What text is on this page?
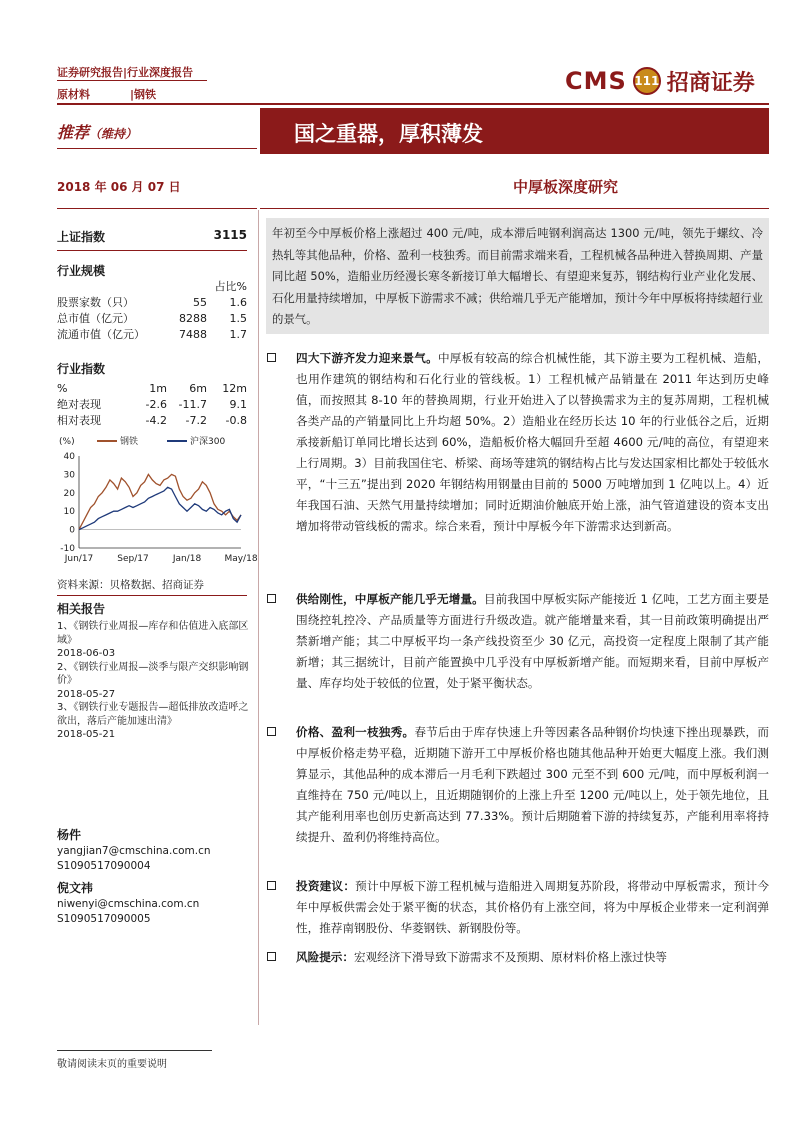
证券研究报告|行业深度报告
原材料	|钢铁	CMS 111 招商证券
推荐（维持）	国之重器，厚积薄发
2018 年 06 月 07 日	中厚板深度研究
年初至今中厚板价格上涨超过 400 元/吨，成本滞后吨钢利润高达 1300 元/吨，领先于螺纹、冷热轧等其他品种，价格、盈利一枝独秀。而目前需求端来看，工程机械各品种进入替换周期、产量同比超 50%，造船业历经漫长寒冬新接订单大幅增长、有望迎来复苏，钢结构行业产业化发展、石化用量持续增加，中厚板下游需求不减；供给端几乎无产能增加，预计今年中厚板将持续超行业的景气。
上证指数	3115
行业规模
占比%
股票家数（只）	55	1.6
总市值（亿元）	8288	1.5
流通市值（亿元）	7488	1.7
行业指数
%	1m	6m	12m
绝对表现	-2.6	-11.7	9.1
相对表现	-4.2	-7.2	-0.8
(%)	钢铁	沪深300
40
30
20
10
0
-10
Jun/17	Sep/17	Jan/18	May/18
资料来源：贝格数据、招商证券
相关报告
1、《钢铁行业周报—库存和估值进入底部区域》
2018-06-03
2、《钢铁行业周报—淡季与限产交织影响钢价》
2018-05-27
3、《钢铁行业专题报告—超低排放改造呼之欲出，落后产能加速出清》
2018-05-21
杨件
yangjian7@cmschina.com.cn
S1090517090004
倪文祎
niwenyi@cmschina.com.cn
S1090517090005
四大下游齐发力迎来景气。中厚板有较高的综合机械性能，其下游主要为工程机械、造船，也用作建筑的钢结构和石化行业的管线板。1）工程机械产品销量在 2011 年达到历史峰值，而按照其 8-10 年的替换周期，行业开始进入了以替换需求为主的复苏周期，工程机械各类产品的产销量同比上升均超 50%。2）造船业在经历长达 10 年的行业低谷之后，近期承接新船订单同比增长达到 60%，造船板价格大幅回升至超 4600 元/吨的高位，有望迎来上行周期。3）目前我国住宅、桥梁、商场等建筑的钢结构占比与发达国家相比都处于较低水平，“十三五”提出到 2020 年钢结构用钢量由目前的 5000 万吨增加到 1 亿吨以上。4）近年我国石油、天然气用量持续增加；同时近期油价触底开始上涨，油气管道建设的资本支出增加将带动管线板的需求。综合来看，预计中厚板今年下游需求达到新高。
供给刚性，中厚板产能几乎无增量。目前我国中厚板实际产能接近 1 亿吨，工艺方面主要是围绕控轧控冷、产品质量等方面进行升级改造。就产能增量来看，其一目前政策明确提出严禁新增产能；其二中厚板平均一条产线投资至少 30 亿元，高投资一定程度上限制了其产能新增；其三据统计，目前产能置换中几乎没有中厚板新增产能。而短期来看，目前中厚板产量、库存均处于较低的位置，处于紧平衡状态。
价格、盈利一枝独秀。春节后由于库存快速上升等因素各品种钢价均快速下挫出现暴跌，而中厚板价格走势平稳，近期随下游开工中厚板价格也随其他品种开始更大幅度上涨。我们测算显示，其他品种的成本滞后一月毛利下跌超过 300 元至不到 600 元/吨，而中厚板利润一直维持在 750 元/吨以上，且近期随钢价的上涨上升至 1200 元/吨以上，处于领先地位，且其产能利用率也创历史新高达到 77.33%。预计后期随着下游的持续复苏，产能利用率将持续提升、盈利仍将维持高位。
投资建议：预计中厚板下游工程机械与造船进入周期复苏阶段，将带动中厚板需求，预计今年中厚板供需会处于紧平衡的状态，其价格仍有上涨空间，将为中厚板企业带来一定利润弹性，推荐南钢股份、华菱钢铁、新钢股份等。
风险提示：宏观经济下滑导致下游需求不及预期、原材料价格上涨过快等
敬请阅读末页的重要说明
